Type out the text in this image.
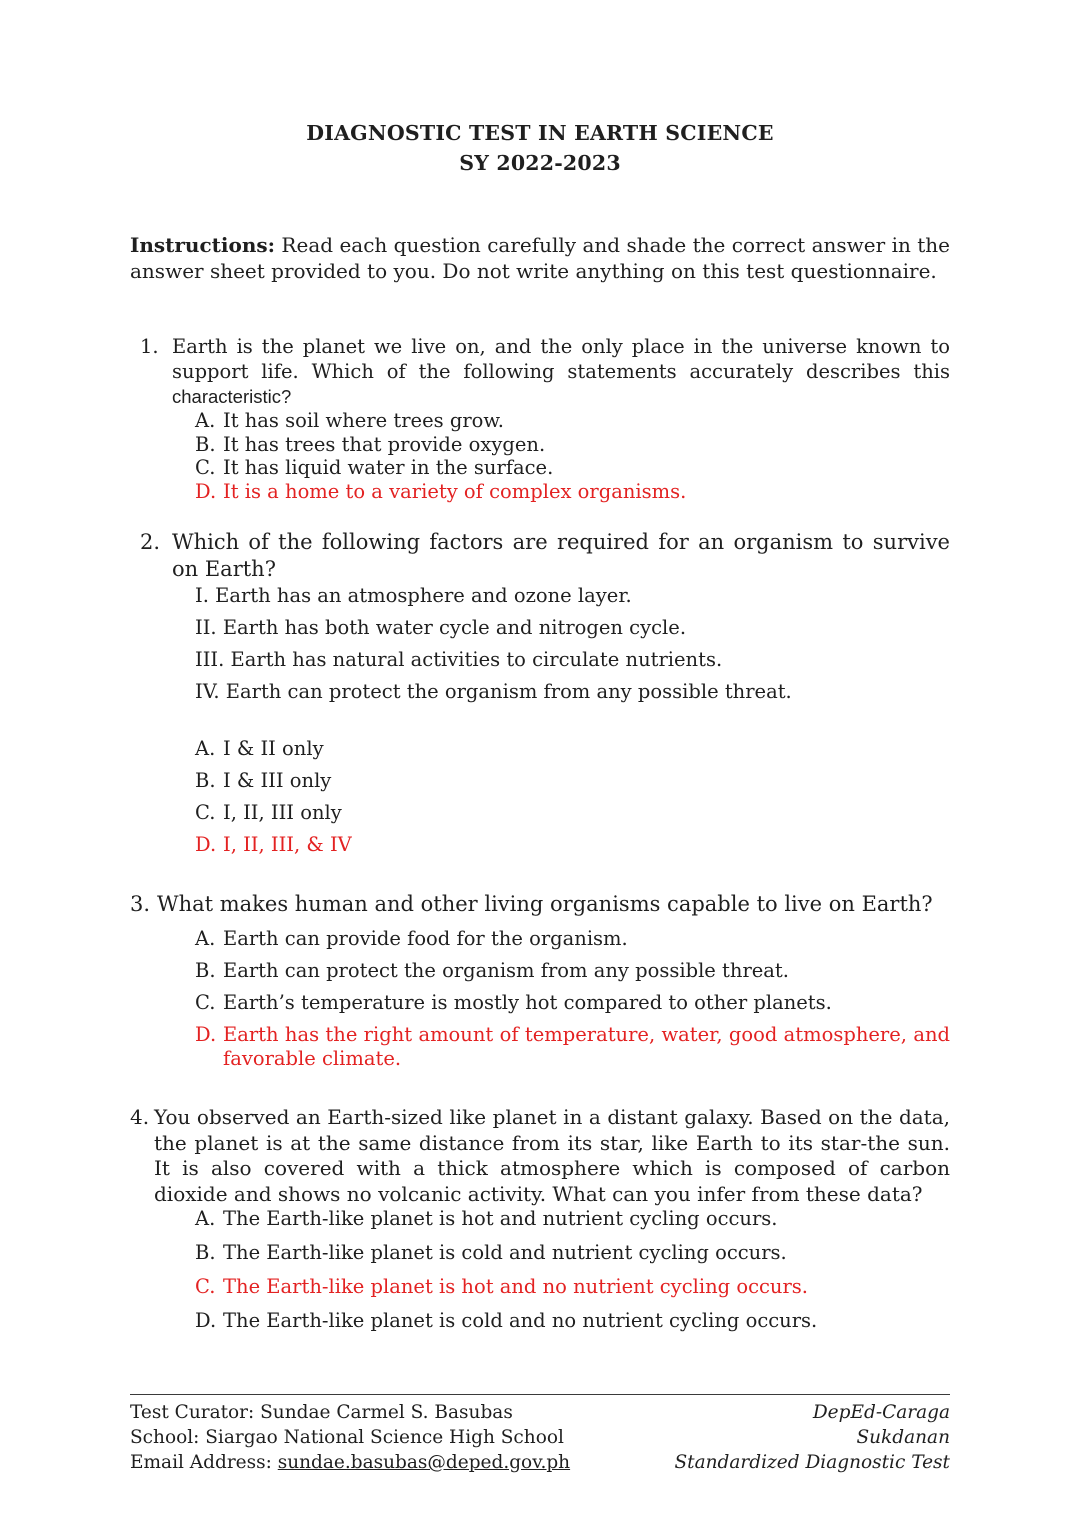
DIAGNOSTIC TEST IN EARTH SCIENCE
SY 2022-2023
Instructions: Read each question carefully and shade the correct answer in the answer sheet provided to you. Do not write anything on this test questionnaire.
1. Earth is the planet we live on, and the only place in the universe known to support life. Which of the following statements accurately describes this characteristic?
A. It has soil where trees grow.
B. It has trees that provide oxygen.
C. It has liquid water in the surface.
D. It is a home to a variety of complex organisms.
2. Which of the following factors are required for an organism to survive on Earth?
I. Earth has an atmosphere and ozone layer.
II. Earth has both water cycle and nitrogen cycle.
III. Earth has natural activities to circulate nutrients.
IV. Earth can protect the organism from any possible threat.
A. I & II only
B. I & III only
C. I, II, III only
D. I, II, III, & IV
3. What makes human and other living organisms capable to live on Earth?
A. Earth can provide food for the organism.
B. Earth can protect the organism from any possible threat.
C. Earth’s temperature is mostly hot compared to other planets.
D. Earth has the right amount of temperature, water, good atmosphere, and favorable climate.
4. You observed an Earth-sized like planet in a distant galaxy. Based on the data, the planet is at the same distance from its star, like Earth to its star-the sun. It is also covered with a thick atmosphere which is composed of carbon dioxide and shows no volcanic activity. What can you infer from these data?
A. The Earth-like planet is hot and nutrient cycling occurs.
B. The Earth-like planet is cold and nutrient cycling occurs.
C. The Earth-like planet is hot and no nutrient cycling occurs.
D. The Earth-like planet is cold and no nutrient cycling occurs.
Test Curator: Sundae Carmel S. Basubas
School: Siargao National Science High School
Email Address: sundae.basubas@deped.gov.ph
DepEd-Caraga
Sukdanan
Standardized Diagnostic Test
